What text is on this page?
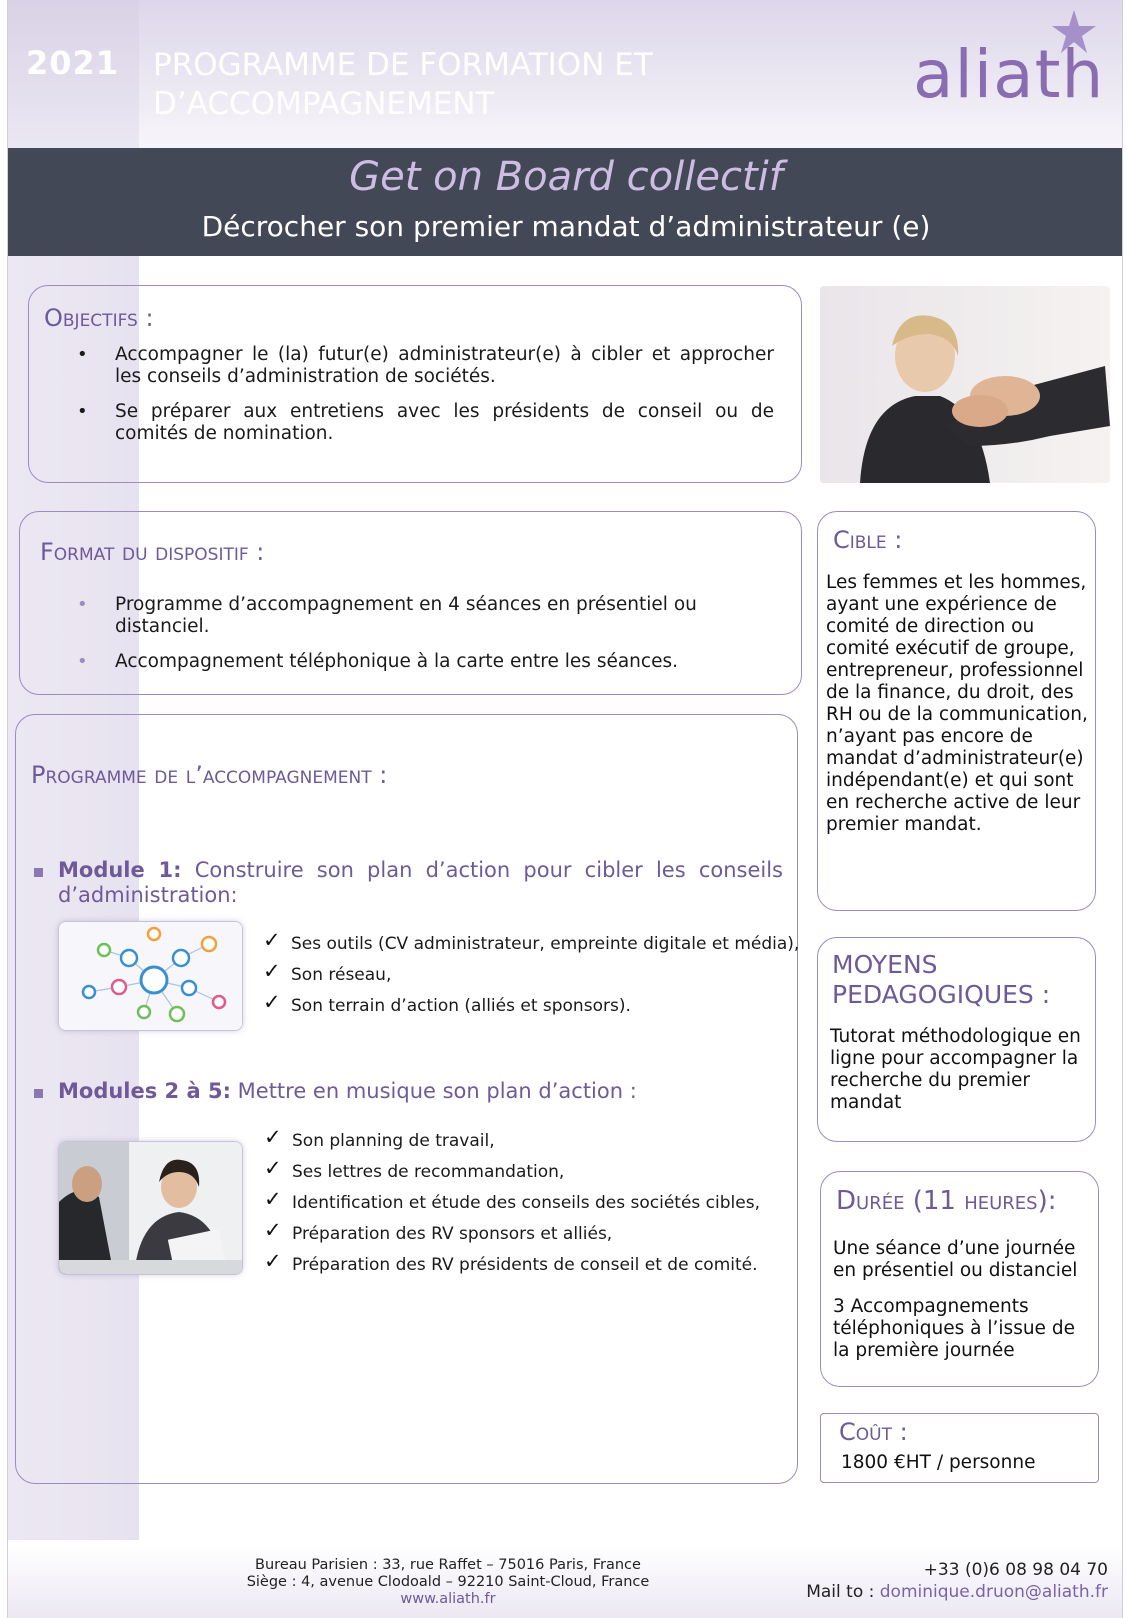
2021 PROGRAMME DE FORMATION ET
D’ACCOMPAGNEMENT	aliath
Get on Board collectif
Décrocher son premier mandat d’administrateur (e)
Objectifs :
• Accompagner le (la) futur(e) administrateur(e) à cibler et approcher les conseils d’administration de sociétés.
• Se préparer aux entretiens avec les présidents de conseil ou de comités de nomination.
Format du dispositif :
• Programme d’accompagnement en 4 séances en présentiel ou distanciel.
• Accompagnement téléphonique à la carte entre les séances.
Programme de l’accompagnement :
Module 1: Construire son plan d’action pour cibler les conseils d’administration:
✓ Ses outils (CV administrateur, empreinte digitale et média),
✓ Son réseau,
✓ Son terrain d’action (alliés et sponsors).
Modules 2 à 5: Mettre en musique son plan d’action :
✓ Son planning de travail,
✓ Ses lettres de recommandation,
✓ Identification et étude des conseils des sociétés cibles,
✓ Préparation des RV sponsors et alliés,
✓ Préparation des RV présidents de conseil et de comité.
Cible :
Les femmes et les hommes, ayant une expérience de comité de direction ou comité exécutif de groupe, entrepreneur, professionnel de la finance, du droit, des RH ou de la communication, n’ayant pas encore de mandat d’administrateur(e) indépendant(e) et qui sont en recherche active de leur premier mandat.
MOYENS
PEDAGOGIQUES :
Tutorat méthodologique en ligne pour accompagner la recherche du premier mandat
Durée (11 heures):
Une séance d’une journée en présentiel ou distanciel
3 Accompagnements téléphoniques à l’issue de la première journée
Coût :
1800 €HT / personne
Bureau Parisien : 33, rue Raffet – 75016 Paris, France
Siège : 4, avenue Clodoald – 92210 Saint-Cloud, France
www.aliath.fr
+33 (0)6 08 98 04 70
Mail to : dominique.druon@aliath.fr
